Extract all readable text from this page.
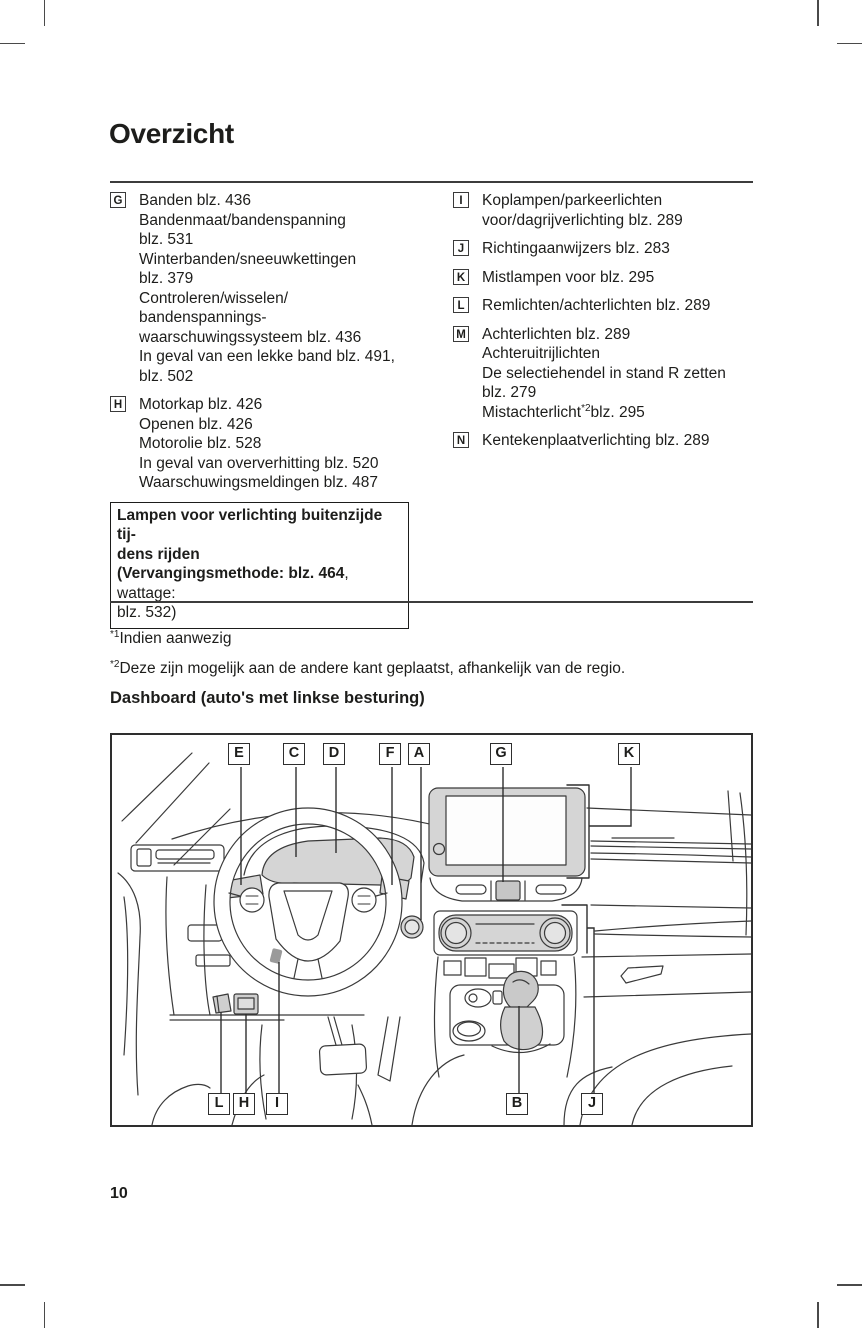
Overzicht
G Banden blz. 436
Bandenmaat/bandenspanning
blz. 531
Winterbanden/sneeuwkettingen
blz. 379
Controleren/wisselen/
bandenspannings-
waarschuwingssysteem blz. 436
In geval van een lekke band blz. 491,
blz. 502
H Motorkap blz. 426
Openen blz. 426
Motorolie blz. 528
In geval van oververhitting blz. 520
Waarschuwingsmeldingen blz. 487
Lampen voor verlichting buitenzijde tij-
dens rijden
(Vervangingsmethode: blz. 464, wattage:
blz. 532)
I	Koplampen/parkeerlichten
voor/dagrijverlichting blz. 289
J	Richtingaanwijzers blz. 283
K Mistlampen voor blz. 295
L Remlichten/achterlichten blz. 289
M Achterlichten blz. 289
Achteruitrijlichten
De selectiehendel in stand R zetten
blz. 279
Mistachterlicht$^{*2}$blz. 295
N Kentekenplaatverlichting blz. 289
$^{*1}$Indien aanwezig
$^{*2}$Deze zijn mogelijk aan de andere kant geplaatst, afhankelijk van de regio.
Dashboard (auto's met linkse besturing)
E	C	D	F	A	G	K
L	H	I	B	J
10
